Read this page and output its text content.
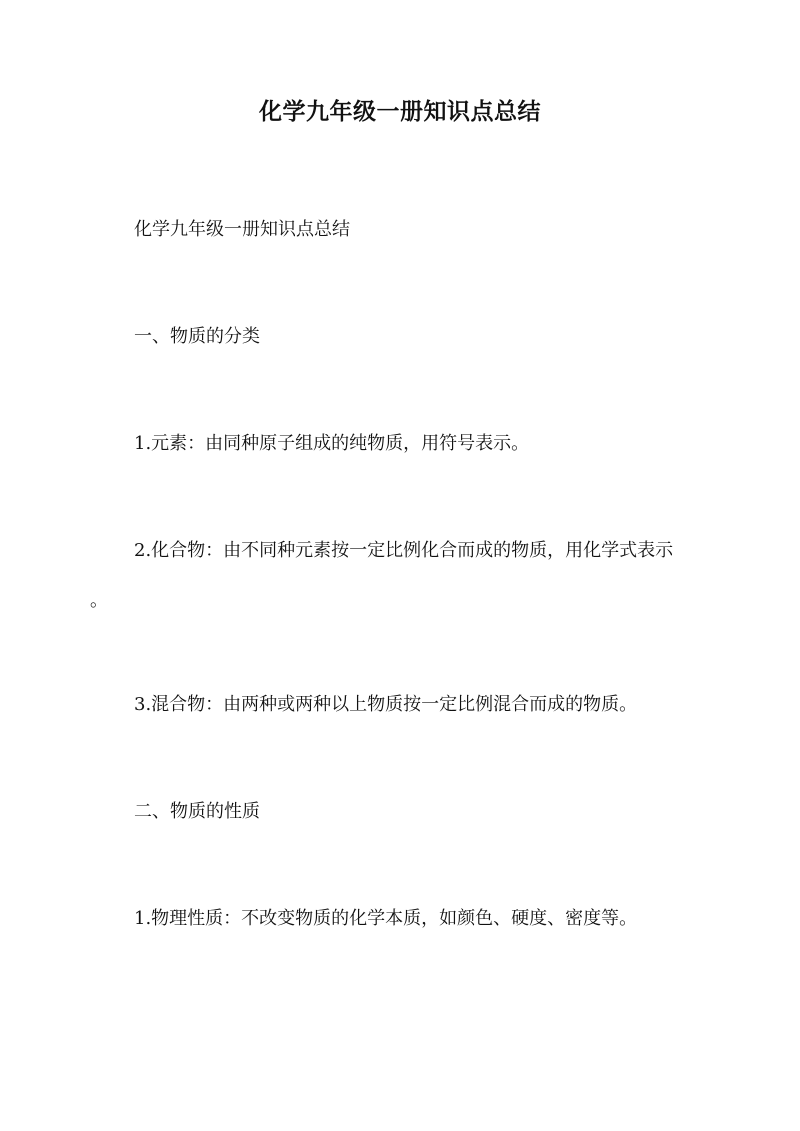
化学九年级一册知识点总结

化学九年级一册知识点总结

一、物质的分类

1.元素：由同种原子组成的纯物质，用符号表示。

2.化合物：由不同种元素按一定比例化合而成的物质，用化学式表示

。

3.混合物：由两种或两种以上物质按一定比例混合而成的物质。

二、物质的性质

1.物理性质：不改变物质的化学本质，如颜色、硬度、密度等。
